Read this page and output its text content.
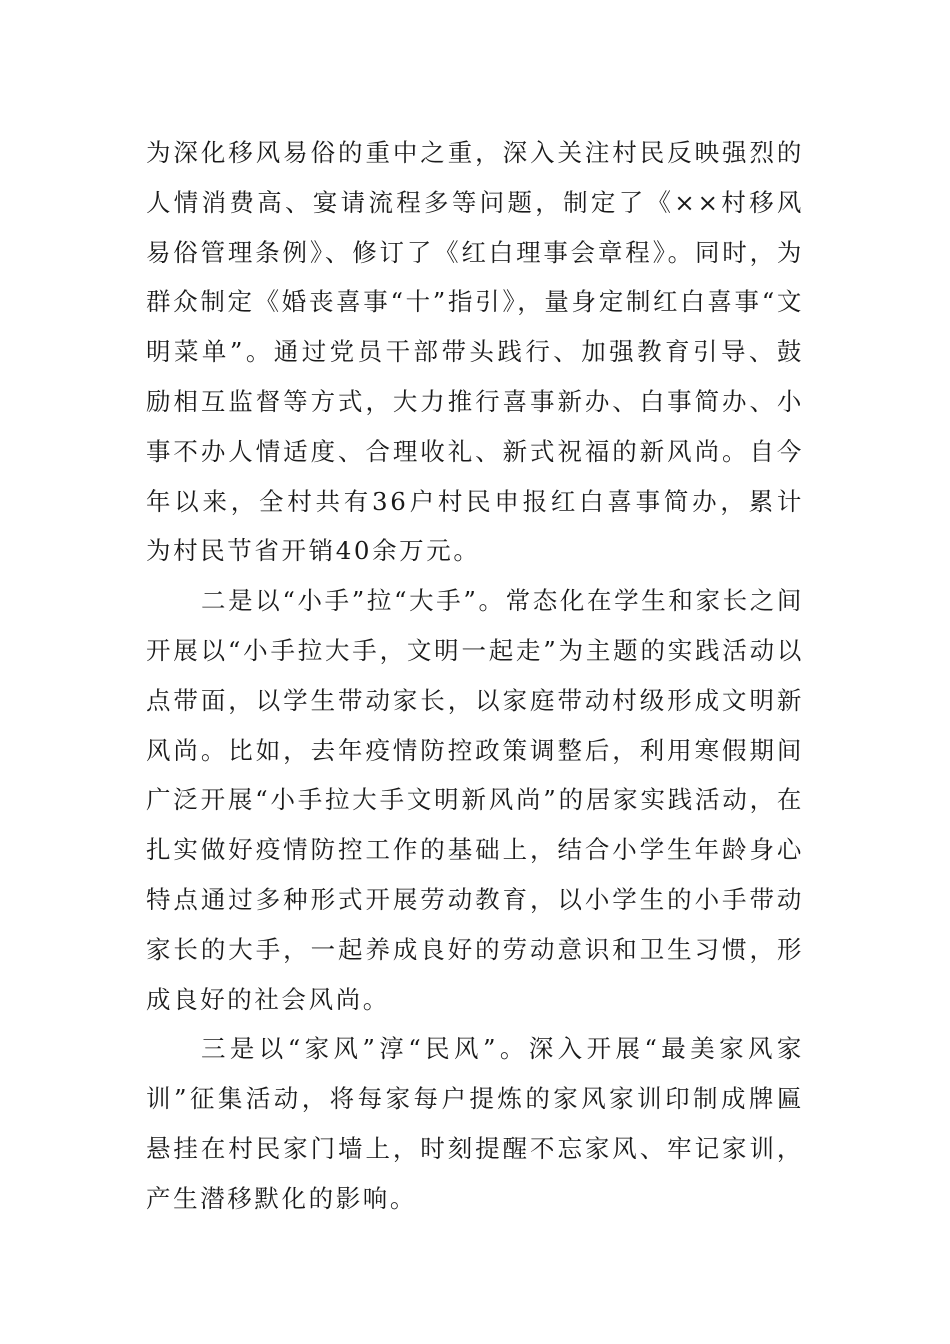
为深化移风易俗的重中之重，深入关注村民反映强烈的人情消费高、宴请流程多等问题，制定了《××村移风易俗管理条例》、修订了《红白理事会章程》。同时，为群众制定《婚丧喜事“十”指引》，量身定制红白喜事“文明菜单”。通过党员干部带头践行、加强教育引导、鼓励相互监督等方式，大力推行喜事新办、白事简办、小事不办人情适度、合理收礼、新式祝福的新风尚。自今年以来，全村共有36户村民申报红白喜事简办，累计为村民节省开销40余万元。

二是以“小手”拉“大手”。常态化在学生和家长之间开展以“小手拉大手，文明一起走”为主题的实践活动以点带面，以学生带动家长，以家庭带动村级形成文明新风尚。比如，去年疫情防控政策调整后，利用寒假期间广泛开展“小手拉大手文明新风尚”的居家实践活动，在扎实做好疫情防控工作的基础上，结合小学生年龄身心特点通过多种形式开展劳动教育，以小学生的小手带动家长的大手，一起养成良好的劳动意识和卫生习惯，形成良好的社会风尚。

三是以“家风”淳“民风”。深入开展“最美家风家训”征集活动，将每家每户提炼的家风家训印制成牌匾悬挂在村民家门墙上，时刻提醒不忘家风、牢记家训，产生潜移默化的影响。
